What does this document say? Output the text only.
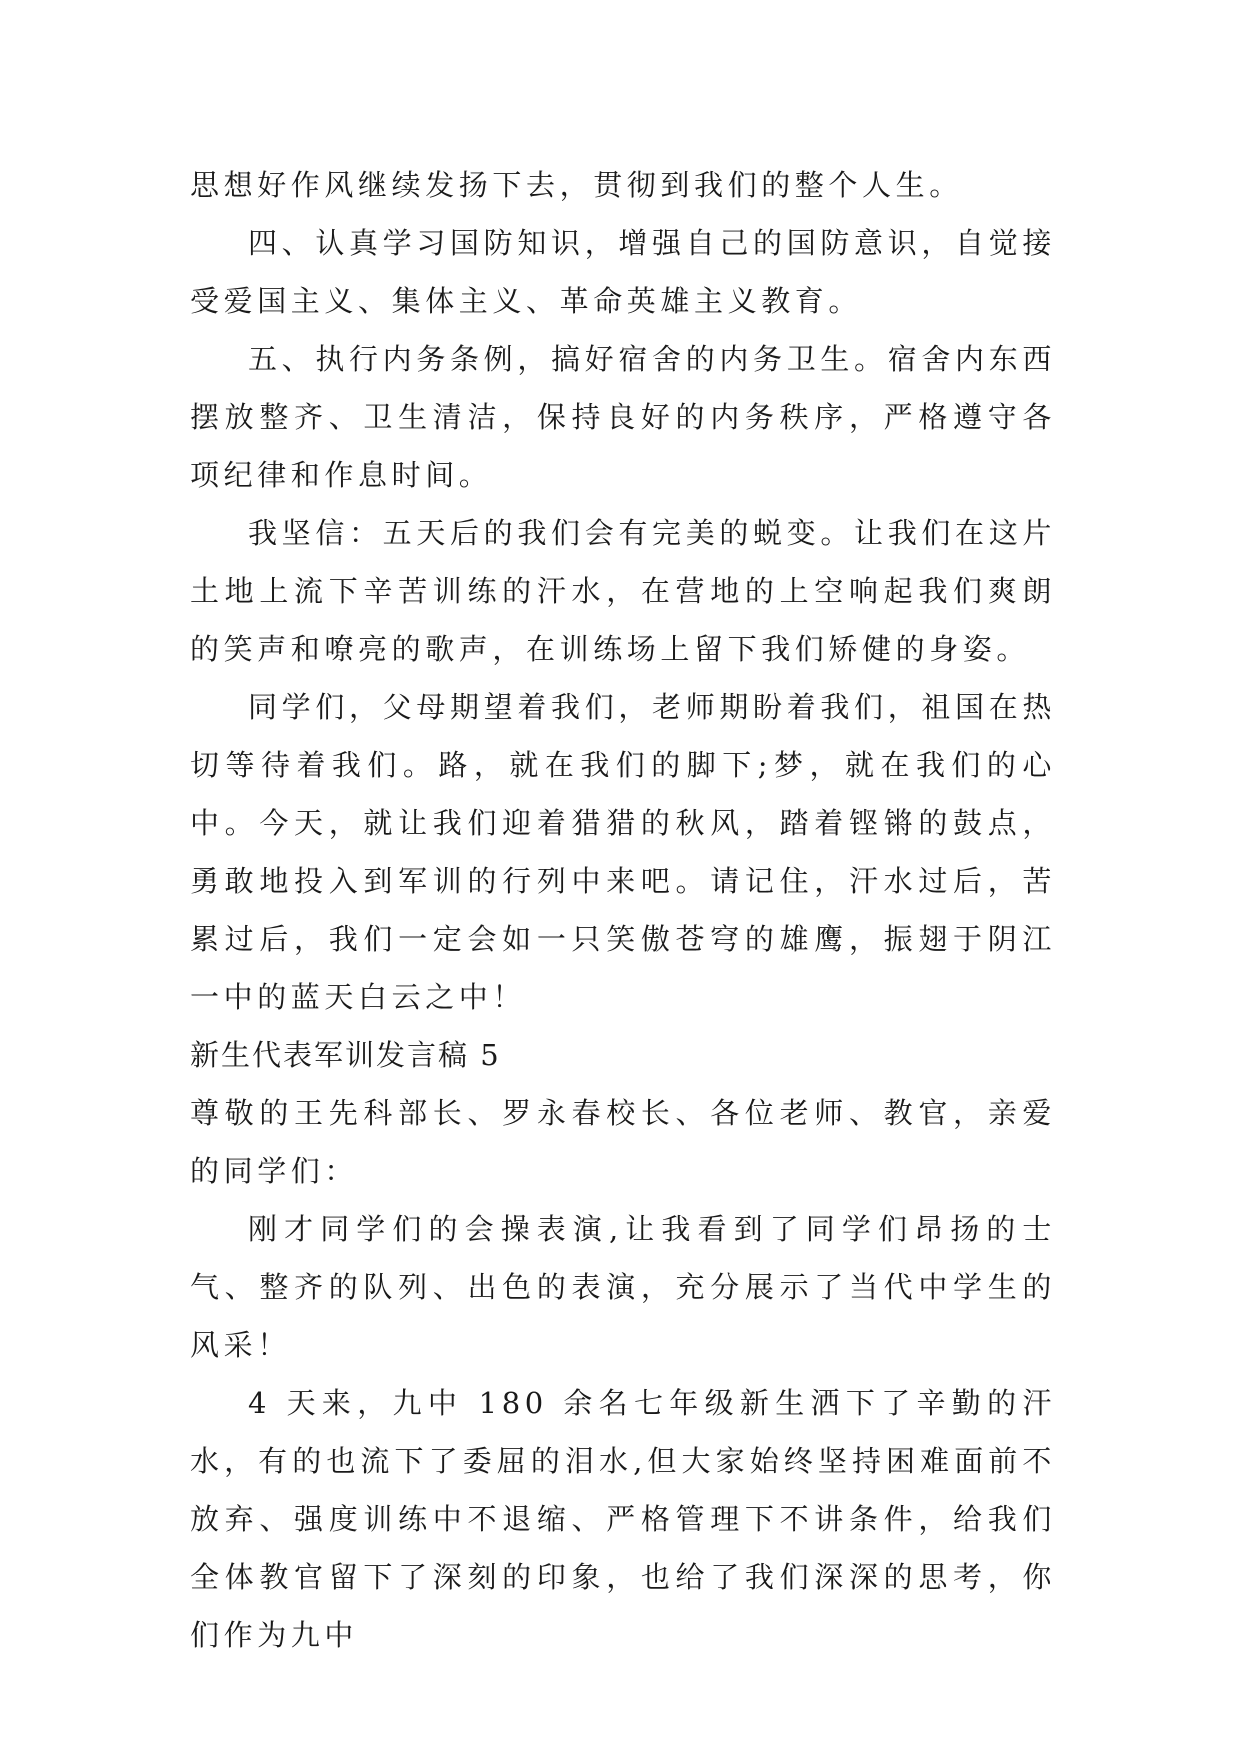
思想好作风继续发扬下去，贯彻到我们的整个人生。

四、认真学习国防知识，增强自己的国防意识，自觉接受爱国主义、集体主义、革命英雄主义教育。

五、执行内务条例，搞好宿舍的内务卫生。宿舍内东西摆放整齐、卫生清洁，保持良好的内务秩序，严格遵守各项纪律和作息时间。

我坚信：五天后的我们会有完美的蜕变。让我们在这片土地上流下辛苦训练的汗水，在营地的上空响起我们爽朗的笑声和嘹亮的歌声，在训练场上留下我们矫健的身姿。

同学们，父母期望着我们，老师期盼着我们，祖国在热切等待着我们。路，就在我们的脚下;梦，就在我们的心中。今天，就让我们迎着猎猎的秋风，踏着铿锵的鼓点，勇敢地投入到军训的行列中来吧。请记住，汗水过后，苦累过后，我们一定会如一只笑傲苍穹的雄鹰，振翅于阴江一中的蓝天白云之中！

新生代表军训发言稿 5

尊敬的王先科部长、罗永春校长、各位老师、教官，亲爱的同学们：

刚才同学们的会操表演,让我看到了同学们昂扬的士气、整齐的队列、出色的表演，充分展示了当代中学生的风采！

4 天来，九中 180 余名七年级新生洒下了辛勤的汗水，有的也流下了委屈的泪水,但大家始终坚持困难面前不放弃、强度训练中不退缩、严格管理下不讲条件，给我们全体教官留下了深刻的印象，也给了我们深深的思考，你们作为九中
